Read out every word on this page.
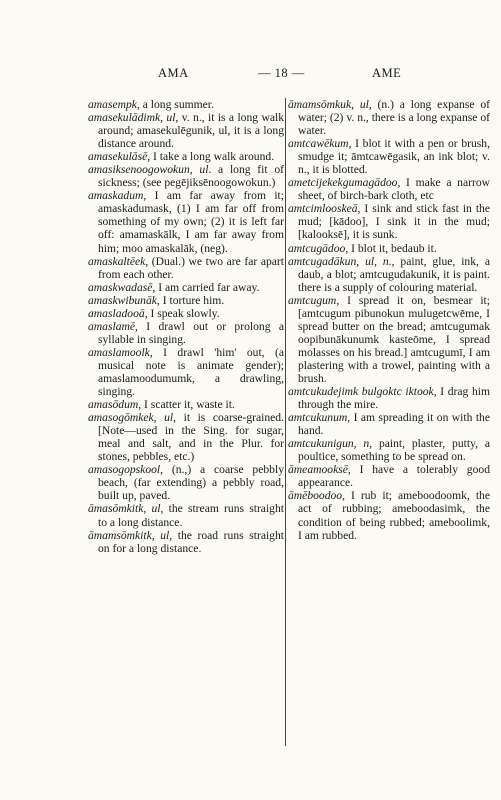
AMA	— 18 —	AME

amasempk, a long summer.

amasekulādimk, ul, v. n., it is a long walk around; amasekulēgunik, ul, it is a long distance around.

amasekulāsē, I take a long walk around.

amasiksenoogowokun, ul. a long fit of sickness; (see pegējiksēnoogowokun.)

amaskadum, I am far away from it; amaskadumask, (1) I am far off from something of my own; (2) it is left far off: amamaskālk, I am far away from him; moo amaskalāk, (neg).

amaskaltēek, (Dual.) we two are far apart from each other.

amaskwadasē, I am carried far away.

amaskwibunāk, I torture him.

amasladooā, I speak slowly.

amaslamē, I drawl out or prolong a syllable in singing.

amaslamoolk, I drawl 'him' out, (a musical note is animate gender); amaslamoodumumk, a drawling, singing.

amasōdum, I scatter it, waste it.

amasogōmkek, ul, it is coarse-grained. [Note—used in the Sing. for sugar, meal and salt, and in the Plur. for stones, pebbles, etc.)

amasogopskool, (n.,) a coarse pebbly beach, (far extending) a pebbly road, built up, paved.

āmasōmkitk, ul, the stream runs straight to a long distance.

āmamsōmkitk, ul, the road runs straight on for a long distance.

āmamsōmkuk, ul, (n.) a long expanse of water; (2) v. n., there is a long expanse of water.

amtcawēkum, I blot it with a pen or brush, smudge it; āmtcawēgasik, an ink blot; v. n., it is blotted.

ametcijekekgumagādoo, I make a narrow sheet, of birch-bark cloth, etc

amtcimlooskeā, I sink and stick fast in the mud; [kādoo], I sink it in the mud; [kalooksē], it is sunk.

amtcugādoo, I blot it, bedaub it.

amtcugadākun, ul, n., paint, glue, ink, a daub, a blot; amtcugudakunik, it is paint. there is a supply of colouring material.

amtcugum, I spread it on, besmear it; [amtcugum pibunokun mulugetcwēme, I spread butter on the bread; amtcugumak oopibunākunumk kasteōme, I spread molasses on his bread.] amtcugumī, I am plastering with a trowel, painting with a brush.

amtcukudejimk bulgoktc iktook, I drag him through the mire.

amtcukunum, I am spreading it on with the hand.

amtcukunigun, n, paint, plaster, putty, a poultice, something to be spread on.

āmeamooksē, I have a tolerably good appearance.

āmēboodoo, I rub it; ameboodoomk, the act of rubbing; ameboodasimk, the condition of being rubbed; ameboolimk, I am rubbed.
